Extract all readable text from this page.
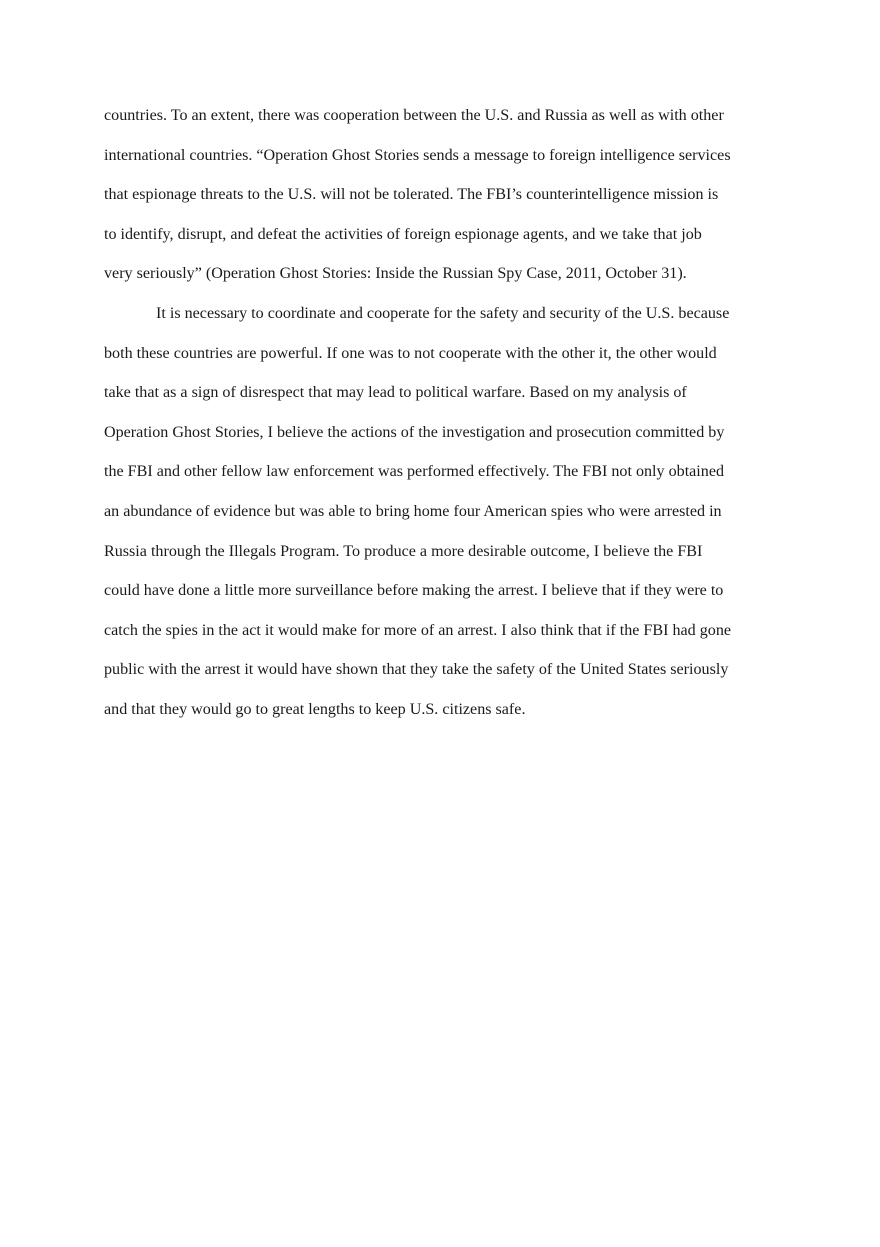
countries. To an extent, there was cooperation between the U.S. and Russia as well as with other
international countries. “Operation Ghost Stories sends a message to foreign intelligence services
that espionage threats to the U.S. will not be tolerated. The FBI’s counterintelligence mission is
to identify, disrupt, and defeat the activities of foreign espionage agents, and we take that job
very seriously” (Operation Ghost Stories: Inside the Russian Spy Case, 2011, October 31).
It is necessary to coordinate and cooperate for the safety and security of the U.S. because
both these countries are powerful. If one was to not cooperate with the other it, the other would
take that as a sign of disrespect that may lead to political warfare. Based on my analysis of
Operation Ghost Stories, I believe the actions of the investigation and prosecution committed by
the FBI and other fellow law enforcement was performed effectively. The FBI not only obtained
an abundance of evidence but was able to bring home four American spies who were arrested in
Russia through the Illegals Program. To produce a more desirable outcome, I believe the FBI
could have done a little more surveillance before making the arrest. I believe that if they were to
catch the spies in the act it would make for more of an arrest. I also think that if the FBI had gone
public with the arrest it would have shown that they take the safety of the United States seriously
and that they would go to great lengths to keep U.S. citizens safe.
